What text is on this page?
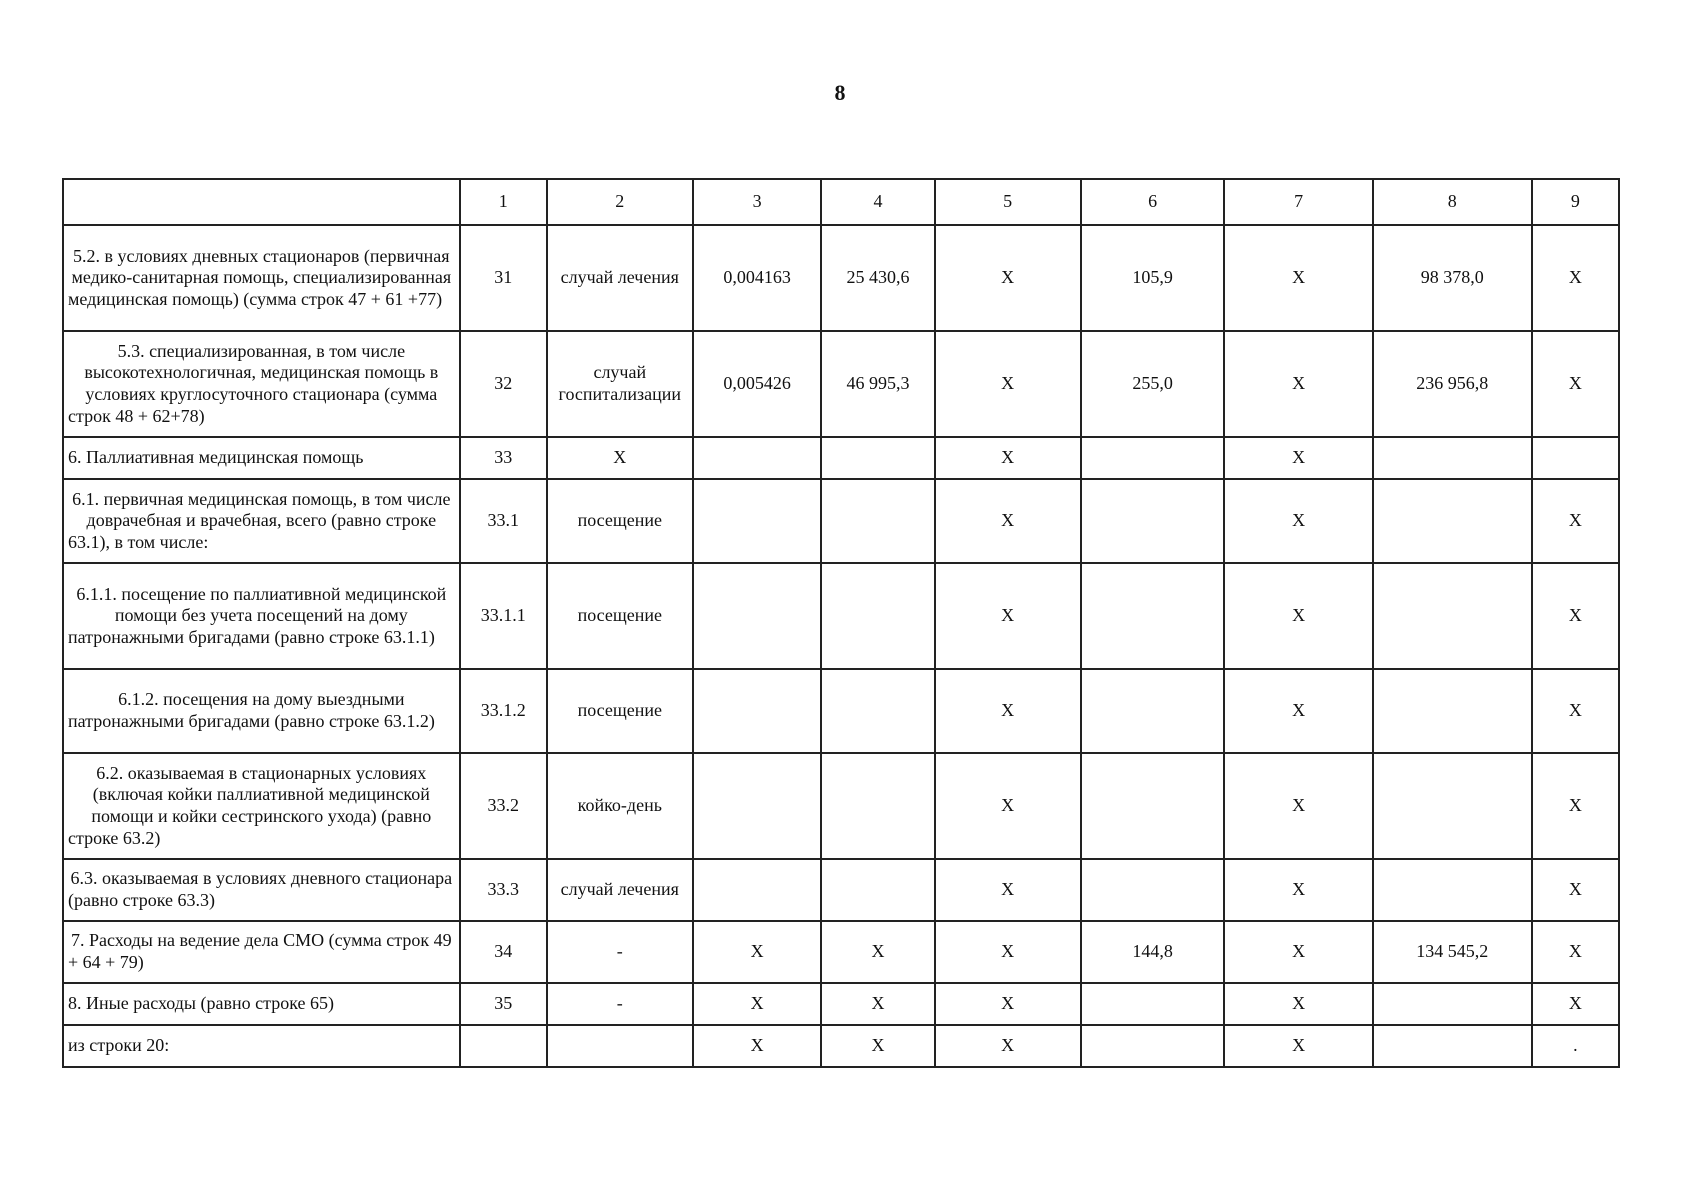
8
	1	2	3	4	5	6	7	8	9
5.2. в условиях дневных стационаров (первичная медико-санитарная помощь, специализированная медицинская помощь) (сумма строк 47 + 61 +77)	31	случай лечения	0,004163	25 430,6	X	105,9	X	98 378,0	X
5.3. специализированная, в том числе высокотехнологичная, медицинская помощь в условиях круглосуточного стационара (сумма строк 48 + 62+78)	32	случай госпитализации	0,005426	46 995,3	X	255,0	X	236 956,8	X
6. Паллиативная медицинская помощь	33	X			X		X		
6.1. первичная медицинская помощь, в том числе доврачебная и врачебная, всего (равно строке 63.1), в том числе:	33.1	посещение			X		X		X
6.1.1. посещение по паллиативной медицинской помощи без учета посещений на дому патронажными бригадами (равно строке 63.1.1)	33.1.1	посещение			X		X		X
6.1.2. посещения на дому выездными патронажными бригадами (равно строке 63.1.2)	33.1.2	посещение			X		X		X
6.2. оказываемая в стационарных условиях (включая койки паллиативной медицинской помощи и койки сестринского ухода) (равно строке 63.2)	33.2	койко-день			X		X		X
6.3. оказываемая в условиях дневного стационара (равно строке 63.3)	33.3	случай лечения			X		X		X
7. Расходы на ведение дела СМО (сумма строк 49 + 64 + 79)	34	-	X	X	X	144,8	X	134 545,2	X
8. Иные расходы (равно строке 65)	35	-	X	X	X		X		X
из строки 20:			X	X	X		X		.
